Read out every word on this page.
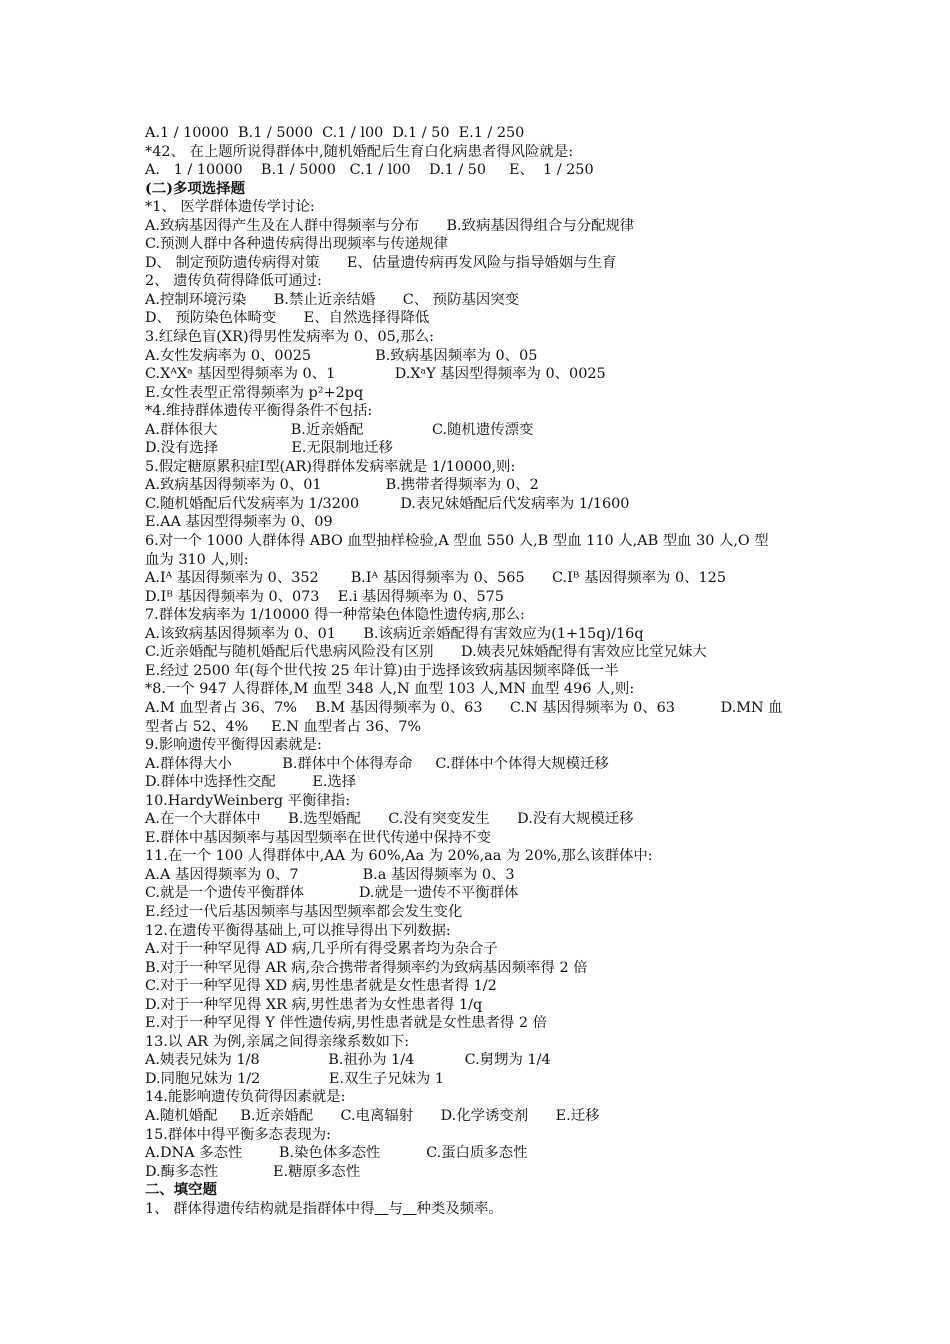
A.1 / 10000  B.1 / 5000  C.1 / l00  D.1 / 50  E.1 / 250
*42、 在上题所说得群体中,随机婚配后生育白化病患者得风险就是:
A.   1 / 10000    B.1 / 5000   C.1 / l00    D.1 / 50     E、  1 / 250
(二)多项选择题
*1、 医学群体遗传学讨论:
A.致病基因得产生及在人群中得频率与分布      B.致病基因得组合与分配规律
C.预测人群中各种遗传病得出现频率与传递规律
D、 制定预防遗传病得对策      E、估量遗传病再发风险与指导婚姻与生育
2、 遗传负荷得降低可通过:
A.控制环境污染      B.禁止近亲结婚      C、 预防基因突变
D、 预防染色体畸变      E、自然选择得降低
3.红绿色盲(XR)得男性发病率为 0、05,那么:
A.女性发病率为 0、0025              B.致病基因频率为 0、05
C.XᴬXᵃ 基因型得频率为 0、1             D.XᵃY 基因型得频率为 0、0025
E.女性表型正常得频率为 p²+2pq
*4.维持群体遗传平衡得条件不包括:
A.群体很大                B.近亲婚配               C.随机遗传漂变
D.没有选择                E.无限制地迁移
5.假定糖原累积症Ⅰ型(AR)得群体发病率就是 1/10000,则:
A.致病基因得频率为 0、01              B.携带者得频率为 0、2
C.随机婚配后代发病率为 1/3200         D.表兄妹婚配后代发病率为 1/1600
E.AA 基因型得频率为 0、09
6.对一个 1000 人群体得 ABO 血型抽样检验,A 型血 550 人,B 型血 110 人,AB 型血 30 人,O 型
血为 310 人,则:
A.Ⅰᴬ 基因得频率为 0、352       B.Ⅰᴬ 基因得频率为 0、565      C.Ⅰᴮ 基因得频率为 0、125
D.Ⅰᴮ 基因得频率为 0、073    E.i 基因得频率为 0、575
7.群体发病率为 1/10000 得一种常染色体隐性遗传病,那么:
A.该致病基因得频率为 0、01      B.该病近亲婚配得有害效应为(1+15q)/16q
C.近亲婚配与随机婚配后代患病风险没有区别      D.姨表兄妹婚配得有害效应比堂兄妹大
E.经过 2500 年(每个世代按 25 年计算)由于选择该致病基因频率降低一半
*8.一个 947 人得群体,M 血型 348 人,N 血型 103 人,MN 血型 496 人,则:
A.M 血型者占 36、7%    B.M 基因得频率为 0、63      C.N 基因得频率为 0、63          D.MN 血
型者占 52、4%     E.N 血型者占 36、7%
9.影响遗传平衡得因素就是:
A.群体得大小           B.群体中个体得寿命     C.群体中个体得大规模迁移
D.群体中选择性交配        E.选择
10.HardyWeinberg 平衡律指:
A.在一个大群体中      B.选型婚配      C.没有突变发生      D.没有大规模迁移
E.群体中基因频率与基因型频率在世代传递中保持不变
11.在一个 100 人得群体中,AA 为 60%,Aa 为 20%,aa 为 20%,那么该群体中:
A.A 基因得频率为 0、7              B.a 基因得频率为 0、3
C.就是一个遗传平衡群体            D.就是一遗传不平衡群体
E.经过一代后基因频率与基因型频率都会发生变化
12.在遗传平衡得基础上,可以推导得出下列数据:
A.对于一种罕见得 AD 病,几乎所有得受累者均为杂合子
B.对于一种罕见得 AR 病,杂合携带者得频率约为致病基因频率得 2 倍
C.对于一种罕见得 XD 病,男性患者就是女性患者得 1/2
D.对于一种罕见得 XR 病,男性患者为女性患者得 1/q
E.对于一种罕见得 Y 伴性遗传病,男性患者就是女性患者得 2 倍
13.以 AR 为例,亲属之间得亲缘系数如下:
A.姨表兄妹为 1/8               B.祖孙为 1/4           C.舅甥为 1/4
D.同胞兄妹为 1/2               E.双生子兄妹为 1
14.能影响遗传负荷得因素就是:
A.随机婚配     B.近亲婚配      C.电离辐射      D.化学诱变剂      E.迁移
15.群体中得平衡多态表现为:
A.DNA 多态性        B.染色体多态性          C.蛋白质多态性
D.酶多态性            E.糖原多态性
二、填空题
1、 群体得遗传结构就是指群体中得 与 种类及频率。
